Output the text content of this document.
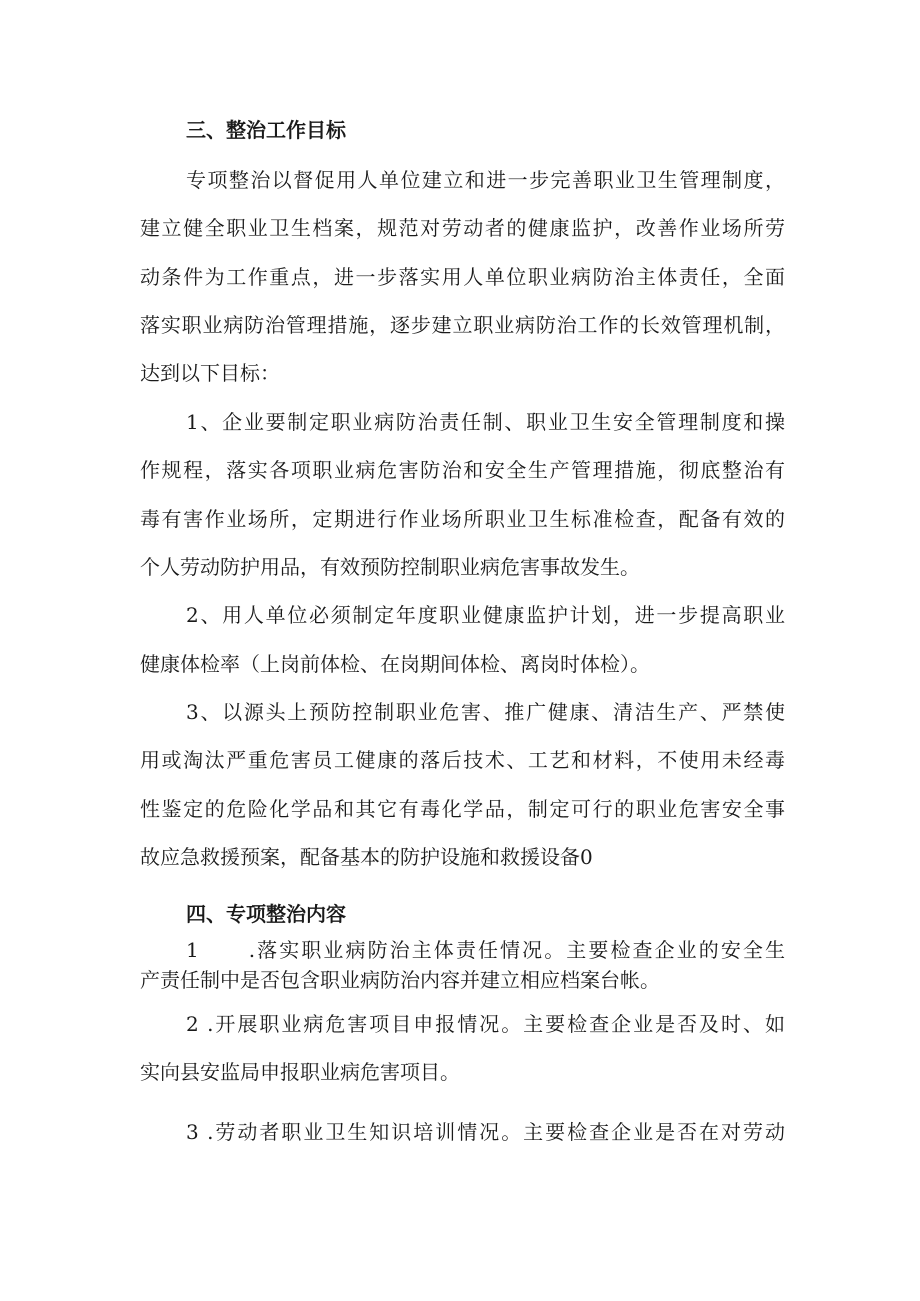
三、整治工作目标
专项整治以督促用人单位建立和进一步完善职业卫生管理制度，
建立健全职业卫生档案，规范对劳动者的健康监护，改善作业场所劳
动条件为工作重点，进一步落实用人单位职业病防治主体责任，全面
落实职业病防治管理措施，逐步建立职业病防治工作的长效管理机制，
达到以下目标：
1、企业要制定职业病防治责任制、职业卫生安全管理制度和操
作规程，落实各项职业病危害防治和安全生产管理措施，彻底整治有
毒有害作业场所，定期进行作业场所职业卫生标准检查，配备有效的
个人劳动防护用品，有效预防控制职业病危害事故发生。
2、用人单位必须制定年度职业健康监护计划，进一步提高职业
健康体检率（上岗前体检、在岗期间体检、离岗时体检）。
3、以源头上预防控制职业危害、推广健康、清洁生产、严禁使
用或淘汰严重危害员工健康的落后技术、工艺和材料，不使用未经毒
性鉴定的危险化学品和其它有毒化学品，制定可行的职业危害安全事
故应急救援预案，配备基本的防护设施和救援设备0
四、专项整治内容
1	.落实职业病防治主体责任情况。主要检查企业的安全生
产责任制中是否包含职业病防治内容并建立相应档案台帐。
2 .开展职业病危害项目申报情况。主要检查企业是否及时、如
实向县安监局申报职业病危害项目。
3 .劳动者职业卫生知识培训情况。主要检查企业是否在对劳动
